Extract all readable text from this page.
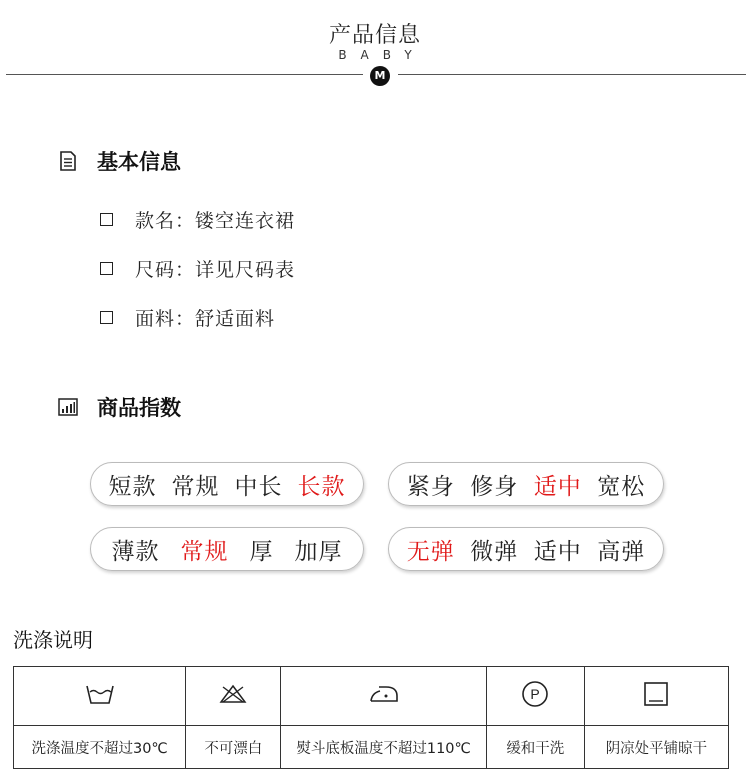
产品信息
BABY
M
基本信息
款名：镂空连衣裙
尺码：详见尺码表
面料：舒适面料
商品指数
短款 常规 中长 长款	紧身 修身 适中 宽松
薄款 常规 厚 加厚	无弹 微弹 适中 高弹
洗涤说明

P

洗涤温度不超过30℃	不可漂白	熨斗底板温度不超过110℃	缓和干洗	阴凉处平铺晾干
